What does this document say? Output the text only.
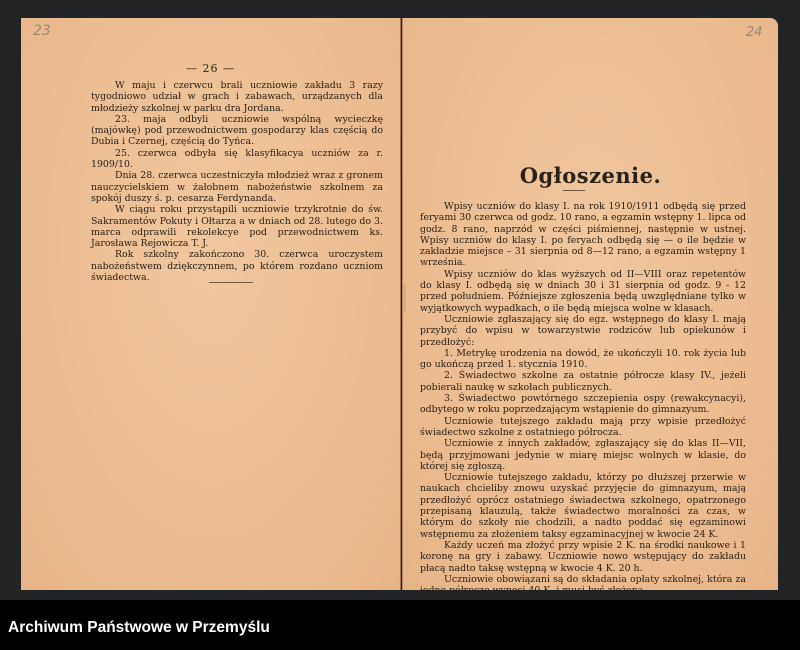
23
— 26 —

W maju i czerwcu brali uczniowie zakładu 3 razy tygodniowo udział w grach i zabawach, urządzanych dla młodzieży szkolnej w parku dra Jordana.

23. maja odbyli uczniowie wspólną wycieczkę (majówkę) pod przewodnictwem gospodarzy klas częścią do Dubia i Czernej, częścią do Tyńca.

25. czerwca odbyła się klasyfikacya uczniów za r. 1909/10.

Dnia 28. czerwca uczestniczyła młodzież wraz z gronem nauczycielskiem w żałobnem nabożeństwie szkolnem za spokój duszy ś. p. cesarza Ferdynanda.

W ciągu roku przystąpili uczniowie trzykrotnie do św. Sakramentów Pokuty i Ołtarza a w dniach od 28. lutego do 3. marca odprawili rekolekcye pod przewodnictwem ks. Jarosława Rejowicza T. J.

Rok szkolny zakończono 30. czerwca uroczystem nabożeństwem dziękczynnem, po którem rozdano uczniom świadectwa.

24
Ogłoszenie.

Wpisy uczniów do klasy I. na rok 1910/1911 odbędą się przed feryami 30 czerwca od godz. 10 rano, a egzamin wstępny 1. lipca od godz. 8 rano, naprzód w części piśmiennej, następnie w ustnej. Wpisy uczniów do klasy I. po feryach odbędą się — o ile będzie w zakładzie miejsce – 31 sierpnia od 8—12 rano, a egzamin wstępny 1 września.

Wpisy uczniów do klas wyższych od II—VIII oraz repetentów do klasy I. odbędą się w dniach 30 i 31 sierpnia od godz. 9 - 12 przed południem. Późniejsze zgłoszenia będą uwzględniane tylko w wyjątkowych wypadkach, o ile będą miejsca wolne w klasach.

Uczniowie zgłaszający się do egz. wstępnego do klasy I. mają przybyć do wpisu w towarzystwie rodziców lub opiekunów i przedłożyć:

1. Metrykę urodzenia na dowód, że ukończyli 10. rok życia lub go ukończą przed 1. stycznia 1910.

2. Świadectwo szkolne za ostatnie półrocze klasy IV., jeżeli pobierali naukę w szkołach publicznych.

3. Świadectwo powtórnego szczepienia ospy (rewakcynacyi), odbytego w roku poprzedzającym wstąpienie do gimnazyum.

Uczniowie tutejszego zakładu mają przy wpisie przedłożyć świadectwo szkolne z ostatniego półrocza.

Uczniowie z innych zakładów, zgłaszający się do klas II—VII, będą przyjmowani jedynie w miarę miejsc wolnych w klasie, do której się zgłoszą.

Uczniowie tutejszego zakładu, którzy po dłuższej przerwie w naukach chcieliby znowu uzyskać przyjęcie do gimnazyum, mają przedłożyć oprócz ostatniego świadectwa szkolnego, opatrzonego przepisaną klauzulą, także świadectwo moralności za czas, w którym do szkoły nie chodzili, a nadto poddać się egzaminowi wstępnemu za złożeniem taksy egzaminacyjnej w kwocie 24 K.

Każdy uczeń ma złożyć przy wpisie 2 K. na środki naukowe i 1 koronę na gry i zabawy. Uczniowie nowo wstępujący do zakładu płacą nadto taksę wstępną w kwocie 4 K. 20 h.

Uczniowie obowiązani są do składania opłaty szkolnej, która za jedno półrocze wynosi 40 K. i musi być złożoną

Archiwum Państwowe w Przemyślu
